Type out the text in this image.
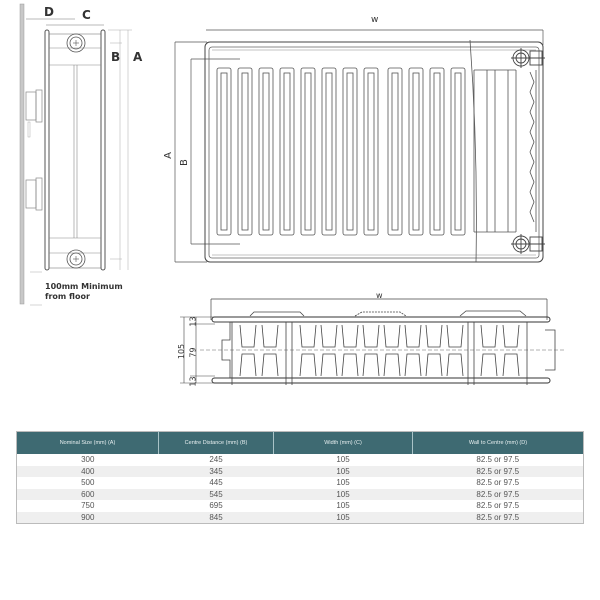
D C
B A
100mm Minimum
from floor
w
A
B
w
105
13
79
13
Nominal Size (mm) (A)	Centre Distance (mm) (B)	Width (mm) (C)	Wall to Centre (mm) (D)
300	245	105	82.5 or 97.5
400	345	105	82.5 or 97.5
500	445	105	82.5 or 97.5
600	545	105	82.5 or 97.5
750	695	105	82.5 or 97.5
900	845	105	82.5 or 97.5
